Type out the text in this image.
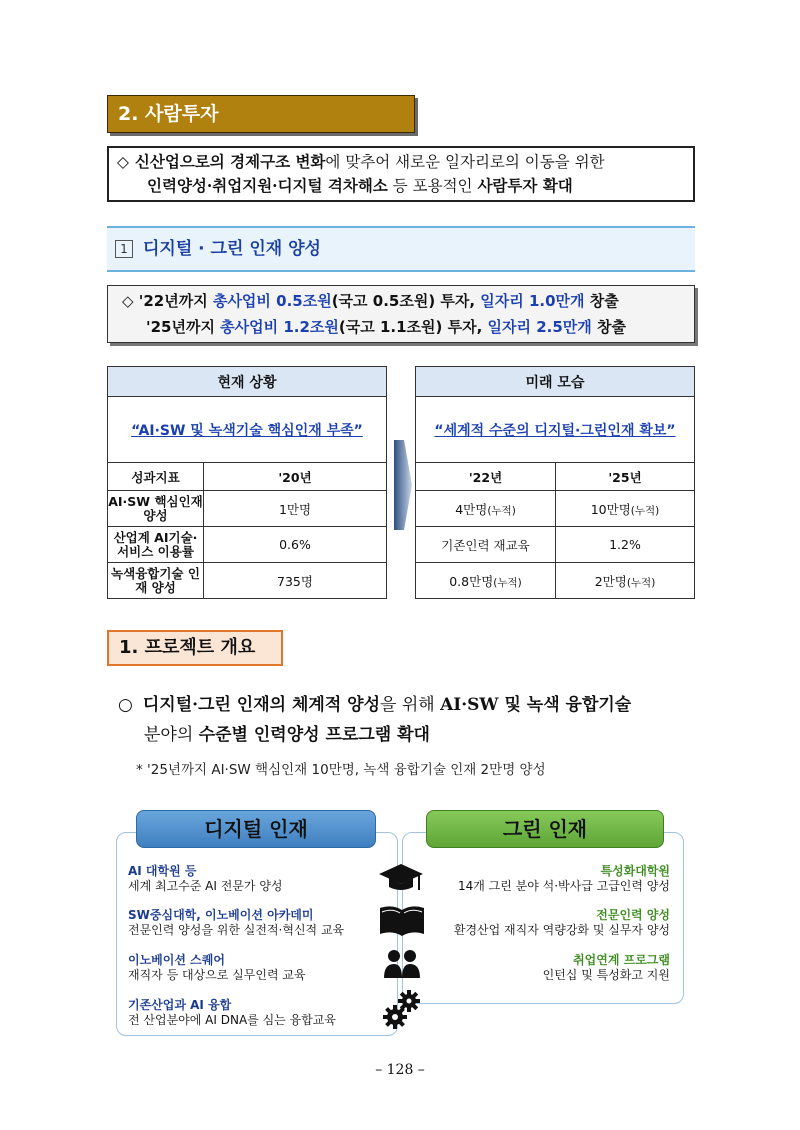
2. 사람투자
◇ 신산업으로의 경제구조 변화에 맞추어 새로운 일자리로의 이동을 위한
인력양성·취업지원·디지털 격차해소 등 포용적인 사람투자 확대
1 디지털 · 그린 인재 양성
◇ '22년까지 총사업비 0.5조원(국고 0.5조원) 투자, 일자리 1.0만개 창출
'25년까지 총사업비 1.2조원(국고 1.1조원) 투자, 일자리 2.5만개 창출
현재 상황	
“AI·SW 및 녹색기술 핵심인재 부족”	
성과지표	'20년
AI·SW 핵심인재 양성	1만명
산업계 AI기술· 서비스 이용률	0.6%
녹색융합기술 인재 양성	735명
미래 모습	
“세계적 수준의 디지털·그린인재 확보”	
'22년	'25년
4만명(누적)	10만명(누적)
기존인력 재교육	1.2%
0.8만명(누적)	2만명(누적)
1. 프로젝트 개요
○ 디지털·그린 인재의 체계적 양성을 위해 AI·SW 및 녹색 융합기술
분야의 수준별 인력양성 프로그램 확대
* '25년까지 AI·SW 핵심인재 10만명, 녹색 융합기술 인재 2만명 양성
디지털 인재	그린 인재
AI 대학원 등
세계 최고수준 AI 전문가 양성
SW중심대학, 이노베이션 아카데미
전문인력 양성을 위한 실전적·혁신적 교육
이노베이션 스퀘어
재직자 등 대상으로 실무인력 교육
기존산업과 AI 융합
전 산업분야에 AI DNA를 심는 융합교육
특성화대학원
14개 그린 분야 석·박사급 고급인력 양성
전문인력 양성
환경산업 재직자 역량강화 및 실무자 양성
취업연계 프로그램
인턴십 및 특성화고 지원
– 128 –
